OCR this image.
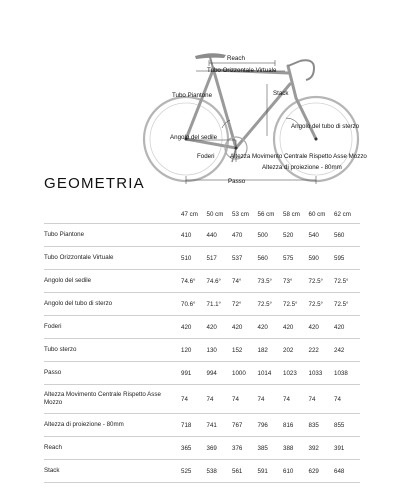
Reach
Tubo Orizzontale Virtuale
Tubo Piantone	Stack
Angolo del sedile
Angolo del tubo di sterzo
Foderi Altezza Movimento Centrale Rispetto Asse Mozzo
Altezza di proiezione - 80mm
Passo
GEOMETRIA
47 cm	50 cm	53 cm	56 cm	58 cm	60 cm	62 cm
Tubo Piantone	410	440	470	500	520	540	560
Tubo Orizzontale Virtuale	510	517	537	560	575	590	595
Angolo del sedile	74.6°	74.6°	74°	73.5°	73°	72.5°	72.5°
Angolo del tubo di sterzo	70.6°	71.1°	72°	72.5°	72.5°	72.5°	72.5°
Foderi	420	420	420	420	420	420	420
Tubo sterzo	120	130	152	182	202	222	242
Passo	991	994	1000	1014	1023	1033	1038
Altezza Movimento Centrale Rispetto Asse Mozzo	74	74	74	74	74	74	74
Altezza di proiezione - 80mm	718	741	767	796	816	835	855
Reach	365	369	376	385	388	392	391
Stack	525	538	561	591	610	629	648
